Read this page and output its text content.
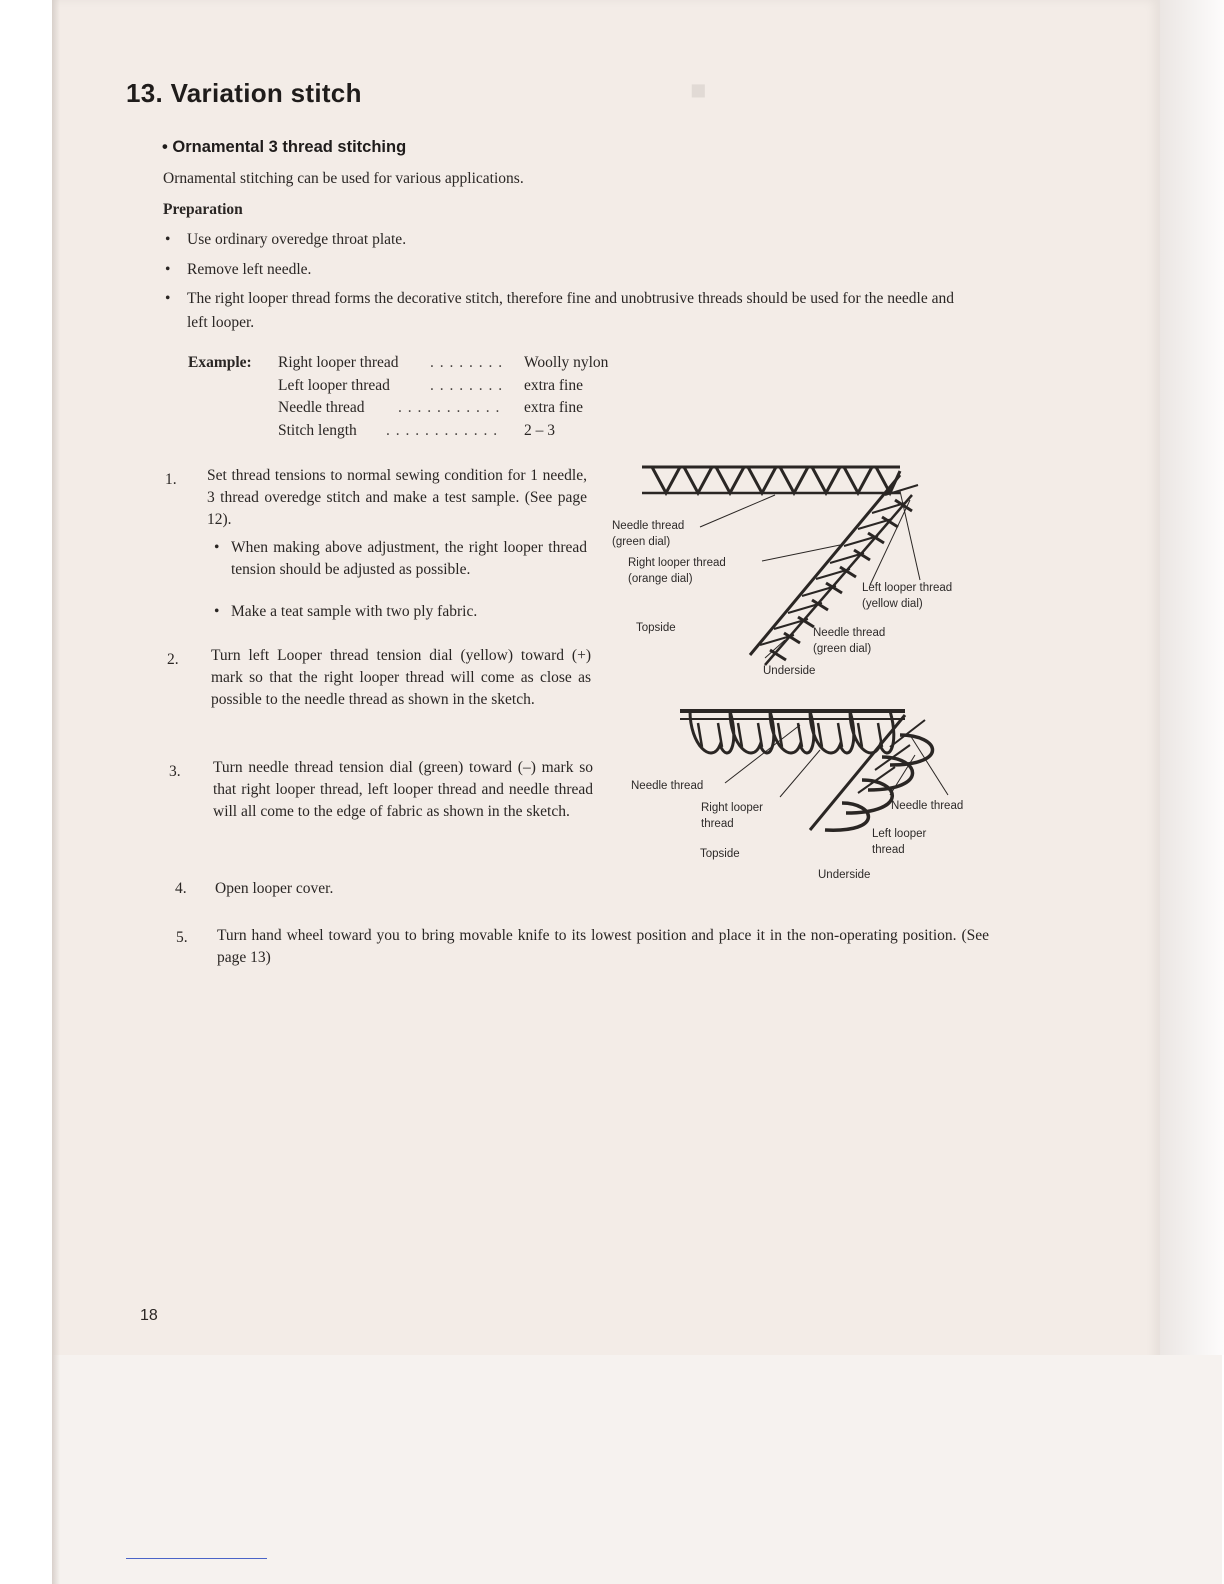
■
13. Variation stitch
• Ornamental 3 thread stitching
Ornamental stitching can be used for various applications.
Preparation
• Use ordinary overedge throat plate.
• Remove left needle.
• The right looper thread forms the decorative stitch, therefore fine and unobtrusive threads should be used for the needle and left looper.
Example: Right looper thread . . . . . . . . Woolly nylon
Left looper thread	. . . . . . . . extra fine
Needle thread . . . . . . . . . . . extra fine
Stitch length . . . . . . . . . . . . 2 – 3
1. Set thread tensions to normal sewing condition for 1 needle, 3 thread overedge stitch and make a test sample. (See page 12).
• When making above adjustment, the right looper thread tension should be adjusted as possible.
• Make a teat sample with two ply fabric.
2. Turn left Looper thread tension dial (yellow) toward (+) mark so that the right looper thread will come as close as possible to the needle thread as shown in the sketch.
3. Turn needle thread tension dial (green) toward (–) mark so that right looper thread, left looper thread and needle thread will all come to the edge of fabric as shown in the sketch.
4. Open looper cover.
5. Turn hand wheel toward you to bring movable knife to its lowest position and place it in the non-operating position. (See page 13)
Needle thread
(green dial)
Right looper thread
(orange dial)
Left looper thread
(yellow dial)
Topside	Needle thread
(green dial)
Underside
Needle thread
Right looper
thread
Needle thread
Left looper
thread
Topside
Underside
18
